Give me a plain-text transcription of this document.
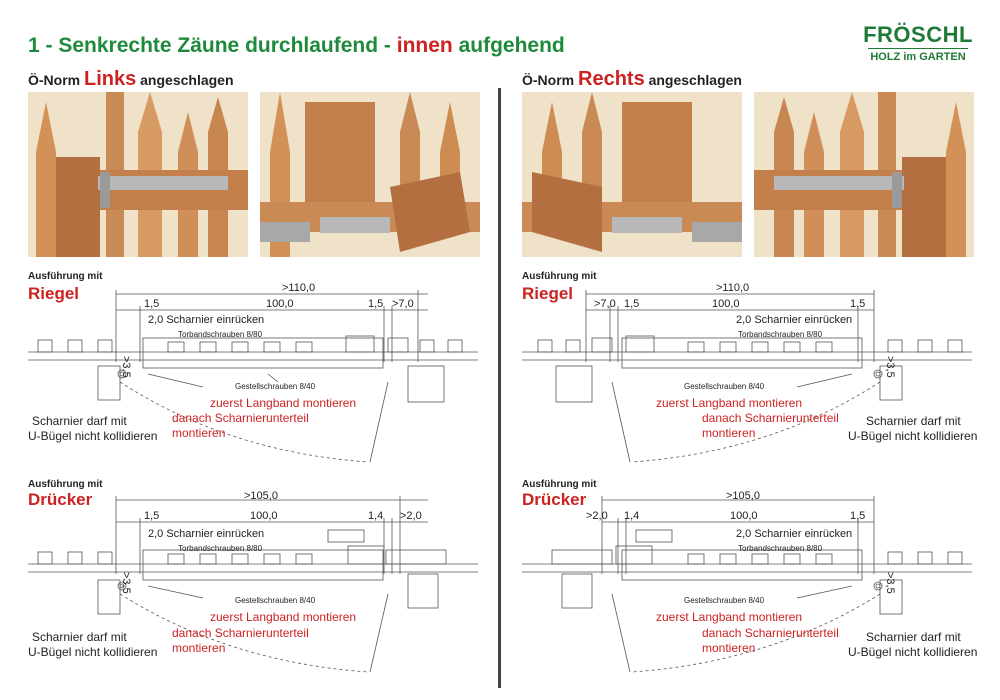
1 - Senkrechte Zäune durchlaufend - innen aufgehend	FRÖSCHL
HOLZ im GARTEN
Ö-Norm Links angeschlagen	Ö-Norm Rechts angeschlagen
Ausführung mit
Riegel	>110,0
1,5	100,0	1,5 >7,0
2,0 Scharnier einrücken
Torbandschrauben 8/80
Gestellschrauben 8/40
>3,5
zuerst Langband montieren
danach Scharnierunterteil
montieren
Scharnier darf mit
U-Bügel nicht kollidieren
Ausführung mit
Drücker	>105,0
1,5	100,0	1,4 >2,0
2,0 Scharnier einrücken
Torbandschrauben 8/80
Gestellschrauben 8/40
>3,5
zuerst Langband montieren
danach Scharnierunterteil
montieren
Scharnier darf mit
U-Bügel nicht kollidieren
Ausführung mit
Riegel	>110,0
>7,0 1,5	100,0	1,5
2,0 Scharnier einrücken
Torbandschrauben 8/80
Gestellschrauben 8/40
>3,5
zuerst Langband montieren
danach Scharnierunterteil
montieren
Scharnier darf mit
U-Bügel nicht kollidieren
Ausführung mit
Drücker	>105,0
>2,0 1,4	100,0	1,5
2,0 Scharnier einrücken
Torbandschrauben 8/80
Gestellschrauben 8/40
>3,5
zuerst Langband montieren
danach Scharnierunterteil
montieren
Scharnier darf mit
U-Bügel nicht kollidieren
